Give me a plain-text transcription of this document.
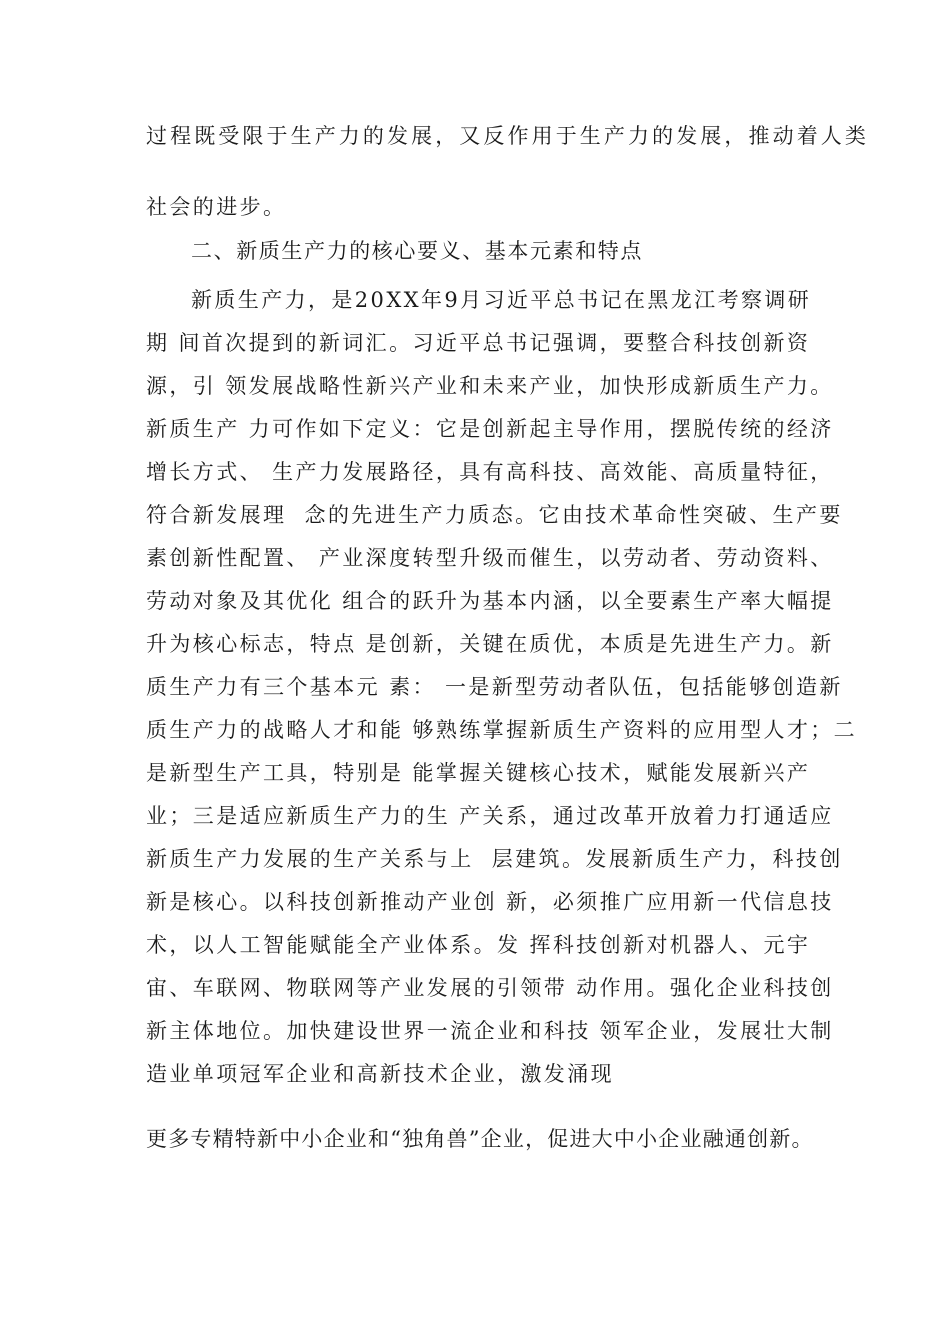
过程既受限于生产力的发展，又反作用于生产力的发展，推动着人类
社会的进步。
二、新质生产力的核心要义、基本元素和特点
新质生产力，是20XX年9月习近平总书记在黑龙江考察调研
期 间首次提到的新词汇。习近平总书记强调，要整合科技创新资
源，引 领发展战略性新兴产业和未来产业，加快形成新质生产力。
新质生产 力可作如下定义：它是创新起主导作用，摆脱传统的经济
增长方式、 生产力发展路径，具有高科技、高效能、高质量特征，
符合新发展理  念的先进生产力质态。它由技术革命性突破、生产要
素创新性配置、 产业深度转型升级而催生，以劳动者、劳动资料、
劳动对象及其优化 组合的跃升为基本内涵，以全要素生产率大幅提
升为核心标志，特点 是创新，关键在质优，本质是先进生产力。新
质生产力有三个基本元 素： 一是新型劳动者队伍，包括能够创造新
质生产力的战略人才和能 够熟练掌握新质生产资料的应用型人才；二
是新型生产工具，特别是 能掌握关键核心技术，赋能发展新兴产
业；三是适应新质生产力的生 产关系，通过改革开放着力打通适应
新质生产力发展的生产关系与上  层建筑。发展新质生产力，科技创
新是核心。以科技创新推动产业创 新，必须推广应用新一代信息技
术，以人工智能赋能全产业体系。发 挥科技创新对机器人、元宇
宙、车联网、物联网等产业发展的引领带 动作用。强化企业科技创
新主体地位。加快建设世界一流企业和科技 领军企业，发展壮大制
造业单项冠军企业和高新技术企业，激发涌现
更多专精特新中小企业和“独角兽”企业，促进大中小企业融通创新。
